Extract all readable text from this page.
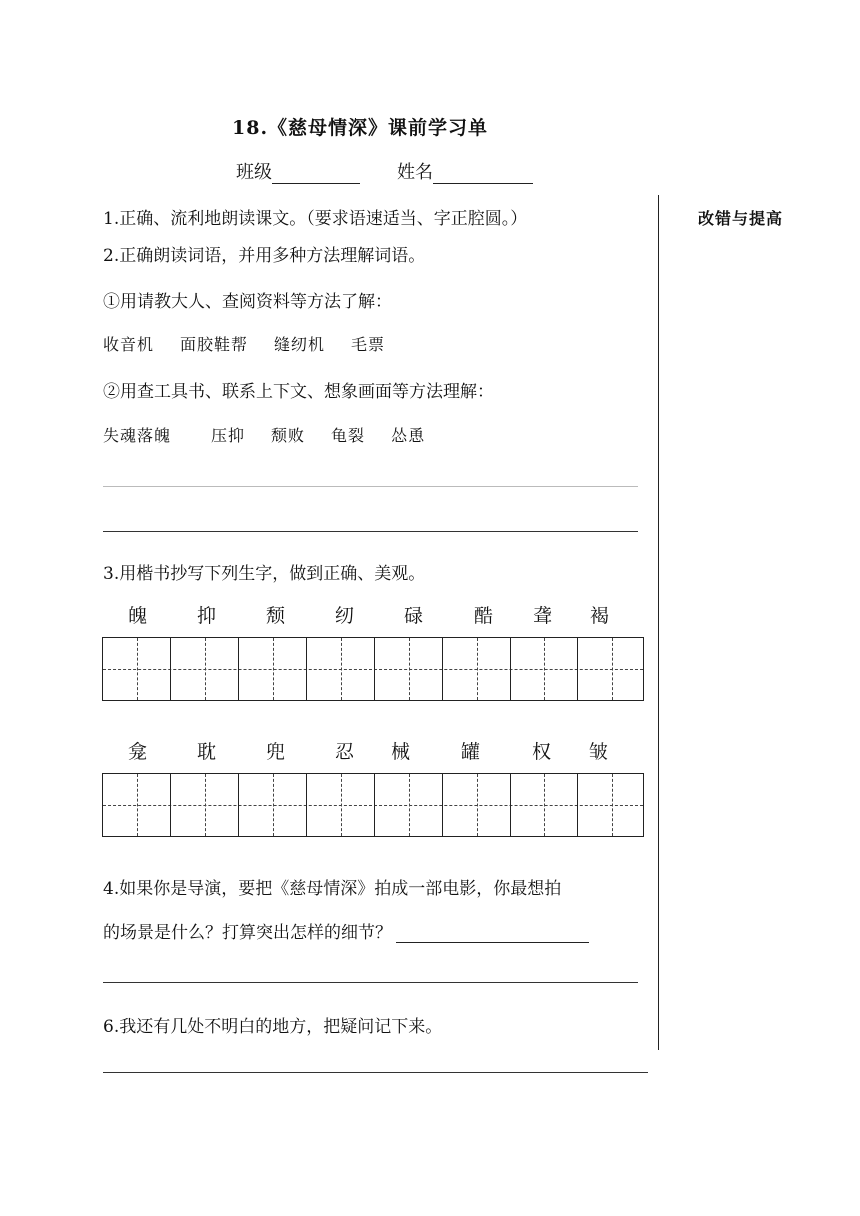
18.《慈母情深》课前学习单
班级	姓名
改错与提高
1.正确、流利地朗读课文。（要求语速适当、字正腔圆。）
2.正确朗读词语，并用多种方法理解词语。
①用请教大人、查阅资料等方法了解：
收音机 面胶鞋帮 缝纫机 毛票
②用查工具书、联系上下文、想象画面等方法理解：
失魂落魄	压抑 颓败 龟裂 怂恿
3.用楷书抄写下列生字，做到正确、美观。
魄	抑	颓	纫	碌	酷 聋 褐
龛	耽	兜	忍 械	罐	权 皱
4.如果你是导演，要把《慈母情深》拍成一部电影，你最想拍
的场景是什么？打算突出怎样的细节？
6.我还有几处不明白的地方，把疑问记下来。
